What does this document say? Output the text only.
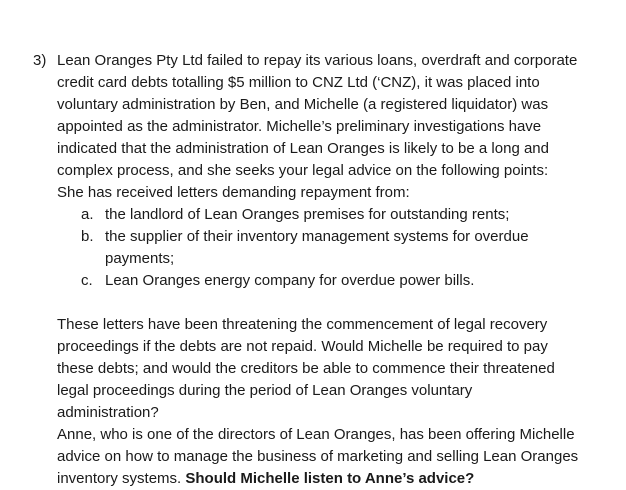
3) Lean Oranges Pty Ltd failed to repay its various loans, overdraft and corporate

credit card debts totalling $5 million to CNZ Ltd (‘CNZ), it was placed into

voluntary administration by Ben, and Michelle (a registered liquidator) was

appointed as the administrator. Michelle’s preliminary investigations have

indicated that the administration of Lean Oranges is likely to be a long and

complex process, and she seeks your legal advice on the following points:

She has received letters demanding repayment from:

a. the landlord of Lean Oranges premises for outstanding rents;
b. the supplier of their inventory management systems for overdue
payments;
c. Lean Oranges energy company for overdue power bills.

These letters have been threatening the commencement of legal recovery

proceedings if the debts are not repaid. Would Michelle be required to pay

these debts; and would the creditors be able to commence their threatened

legal proceedings during the period of Lean Oranges voluntary

administration?

Anne, who is one of the directors of Lean Oranges, has been offering Michelle

advice on how to manage the business of marketing and selling Lean Oranges

inventory systems. Should Michelle listen to Anne’s advice?
